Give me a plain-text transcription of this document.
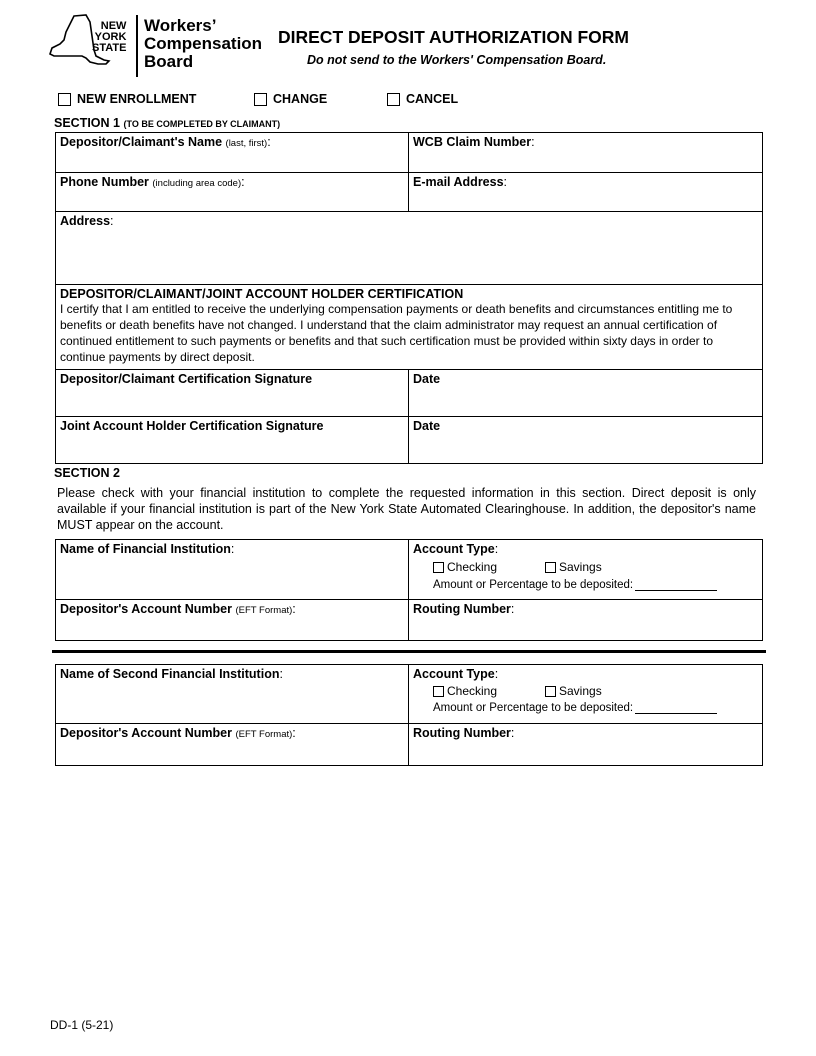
NEW
YORK
STATE
Workers’
Compensation
Board
DIRECT DEPOSIT AUTHORIZATION FORM
Do not send to the Workers' Compensation Board.
NEW ENROLLMENT	CHANGE	CANCEL
SECTION 1 (TO BE COMPLETED BY CLAIMANT)
Depositor/Claimant's Name (last, first):	WCB Claim Number:
Phone Number (including area code):	E-mail Address:
Address:
DEPOSITOR/CLAIMANT/JOINT ACCOUNT HOLDER CERTIFICATION
I certify that I am entitled to receive the underlying compensation payments or death benefits and circumstances entitling me to benefits or death benefits have not changed. I understand that the claim administrator may request an annual certification of continued entitlement to such payments or benefits and that such certification must be provided within sixty days in order to continue payments by direct deposit.
Depositor/Claimant Certification Signature	Date
Joint Account Holder Certification Signature	Date
SECTION 2
Please check with your financial institution to complete the requested information in this section. Direct deposit is only available if your financial institution is part of the New York State Automated Clearinghouse. In addition, the depositor's name MUST appear on the account.
Name of Financial Institution:	Account Type:
Checking	Savings
Amount or Percentage to be deposited:
Depositor's Account Number (EFT Format):	Routing Number:
Name of Second Financial Institution:	Account Type:
Checking	Savings
Amount or Percentage to be deposited:
Depositor's Account Number (EFT Format):	Routing Number:
DD-1 (5-21)
